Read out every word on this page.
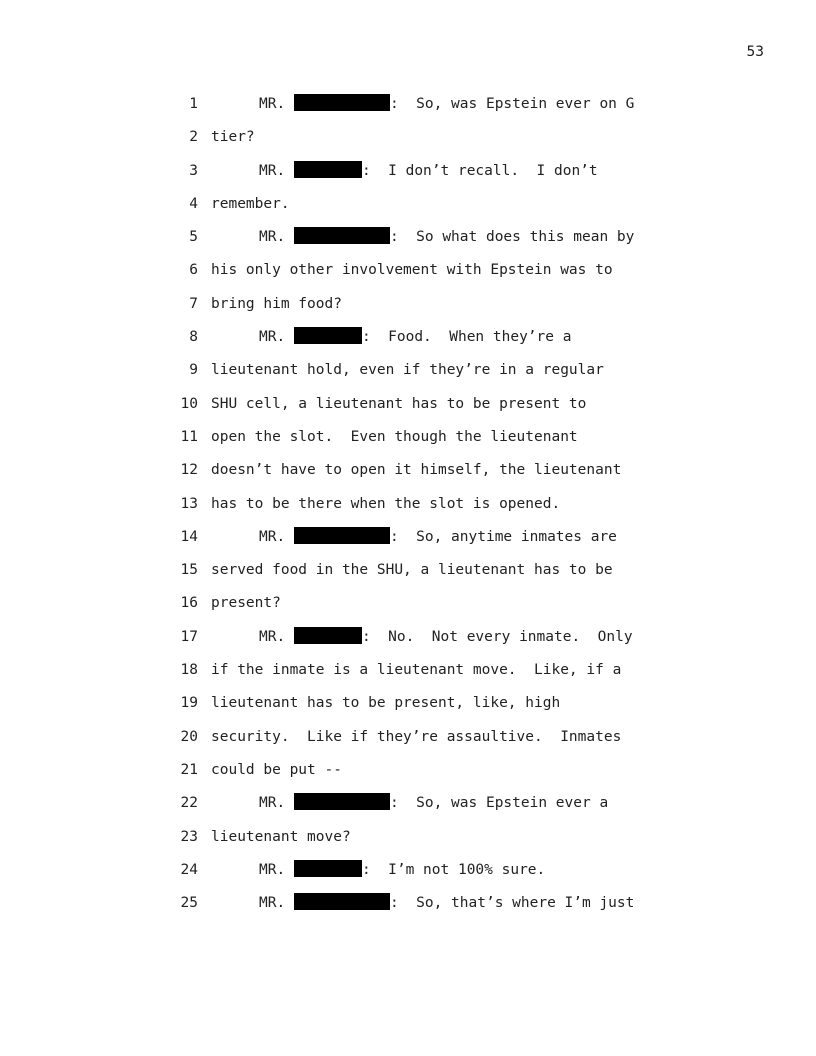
53
1	MR.	:  So, was Epstein ever on G
2 tier?
3	MR.	:  I don’t recall.  I don’t
4 remember.
5	MR.	:  So what does this mean by
6 his only other involvement with Epstein was to
7 bring him food?
8	MR.	:  Food.  When they’re a
9 lieutenant hold, even if they’re in a regular
10 SHU cell, a lieutenant has to be present to
11 open the slot.  Even though the lieutenant
12 doesn’t have to open it himself, the lieutenant
13 has to be there when the slot is opened.
14	MR.	:  So, anytime inmates are
15 served food in the SHU, a lieutenant has to be
16 present?
17	MR.	:  No.  Not every inmate.  Only
18 if the inmate is a lieutenant move.  Like, if a
19 lieutenant has to be present, like, high
20 security.  Like if they’re assaultive.  Inmates
21 could be put --
22	MR.	:  So, was Epstein ever a
23 lieutenant move?
24	MR.	:  I’m not 100% sure.
25	MR.	:  So, that’s where I’m just
